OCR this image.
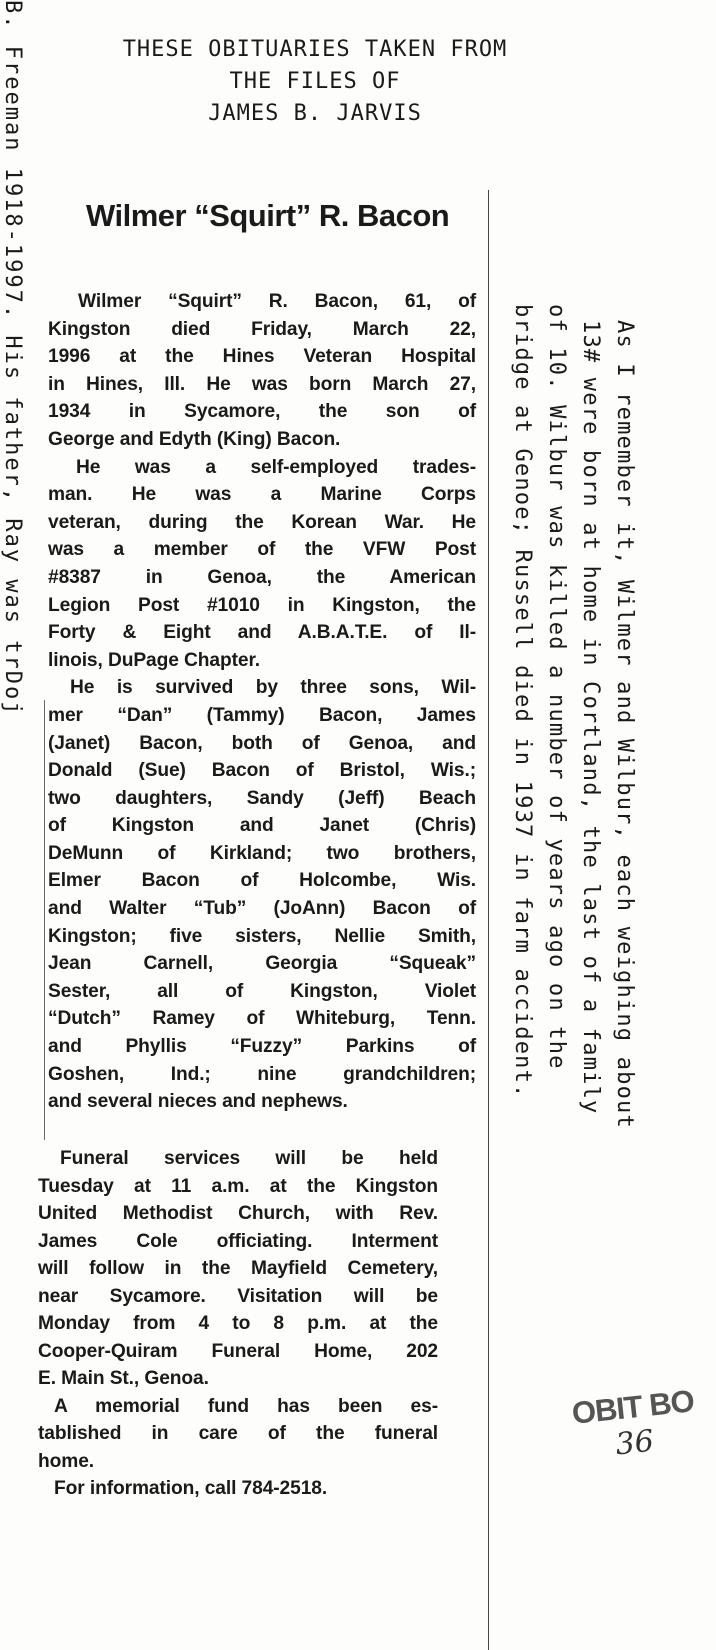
THESE OBITUARIES TAKEN FROM
THE FILES OF
JAMES B. JARVIS
B. Freeman 1918-1997. His father, Ray was trDoj Wilmer “Squirt” R. Bacon
Wilmer “Squirt” R. Bacon, 61, of
Kingston died Friday, March 22,
1996 at the Hines Veteran Hospital
in Hines, Ill. He was born March 27,
1934 in Sycamore, the son of
George and Edyth (King) Bacon.
He was a self-employed trades-
man. He was a Marine Corps
veteran, during the Korean War. He
was a member of the VFW Post
#8387 in Genoa, the American
Legion Post #1010 in Kingston, the
Forty & Eight and A.B.A.T.E. of Il-
linois, DuPage Chapter.
He is survived by three sons, Wil-
mer “Dan” (Tammy) Bacon, James
(Janet) Bacon, both of Genoa, and
Donald (Sue) Bacon of Bristol, Wis.;
two daughters, Sandy (Jeff) Beach
of Kingston and Janet (Chris)
DeMunn of Kirkland; two brothers,
Elmer Bacon of Holcombe, Wis.
and Walter “Tub” (JoAnn) Bacon of
Kingston; five sisters, Nellie Smith,
Jean Carnell, Georgia “Squeak”
Sester, all of Kingston, Violet
“Dutch” Ramey of Whiteburg, Tenn.
and Phyllis “Fuzzy” Parkins of
Goshen, Ind.; nine grandchildren;
and several nieces and nephews.
Funeral services will be held
Tuesday at 11 a.m. at the Kingston
United Methodist Church, with Rev.
James Cole officiating. Interment
will follow in the Mayfield Cemetery,
near Sycamore. Visitation will be
Monday from 4 to 8 p.m. at the
Cooper-Quiram Funeral Home, 202
E. Main St., Genoa.
A memorial fund has been es-
tablished in care of the funeral
home.
For information, call 784-2518.
As I remember it, Wilmer and Wilbur, each weighing about
13# were born at home in Cortland, the last of a family
of 10. Wilbur was killed a number of years ago on the
bridge at Genoe; Russell died in 1937 in farm accident.
OBIT BO
36
